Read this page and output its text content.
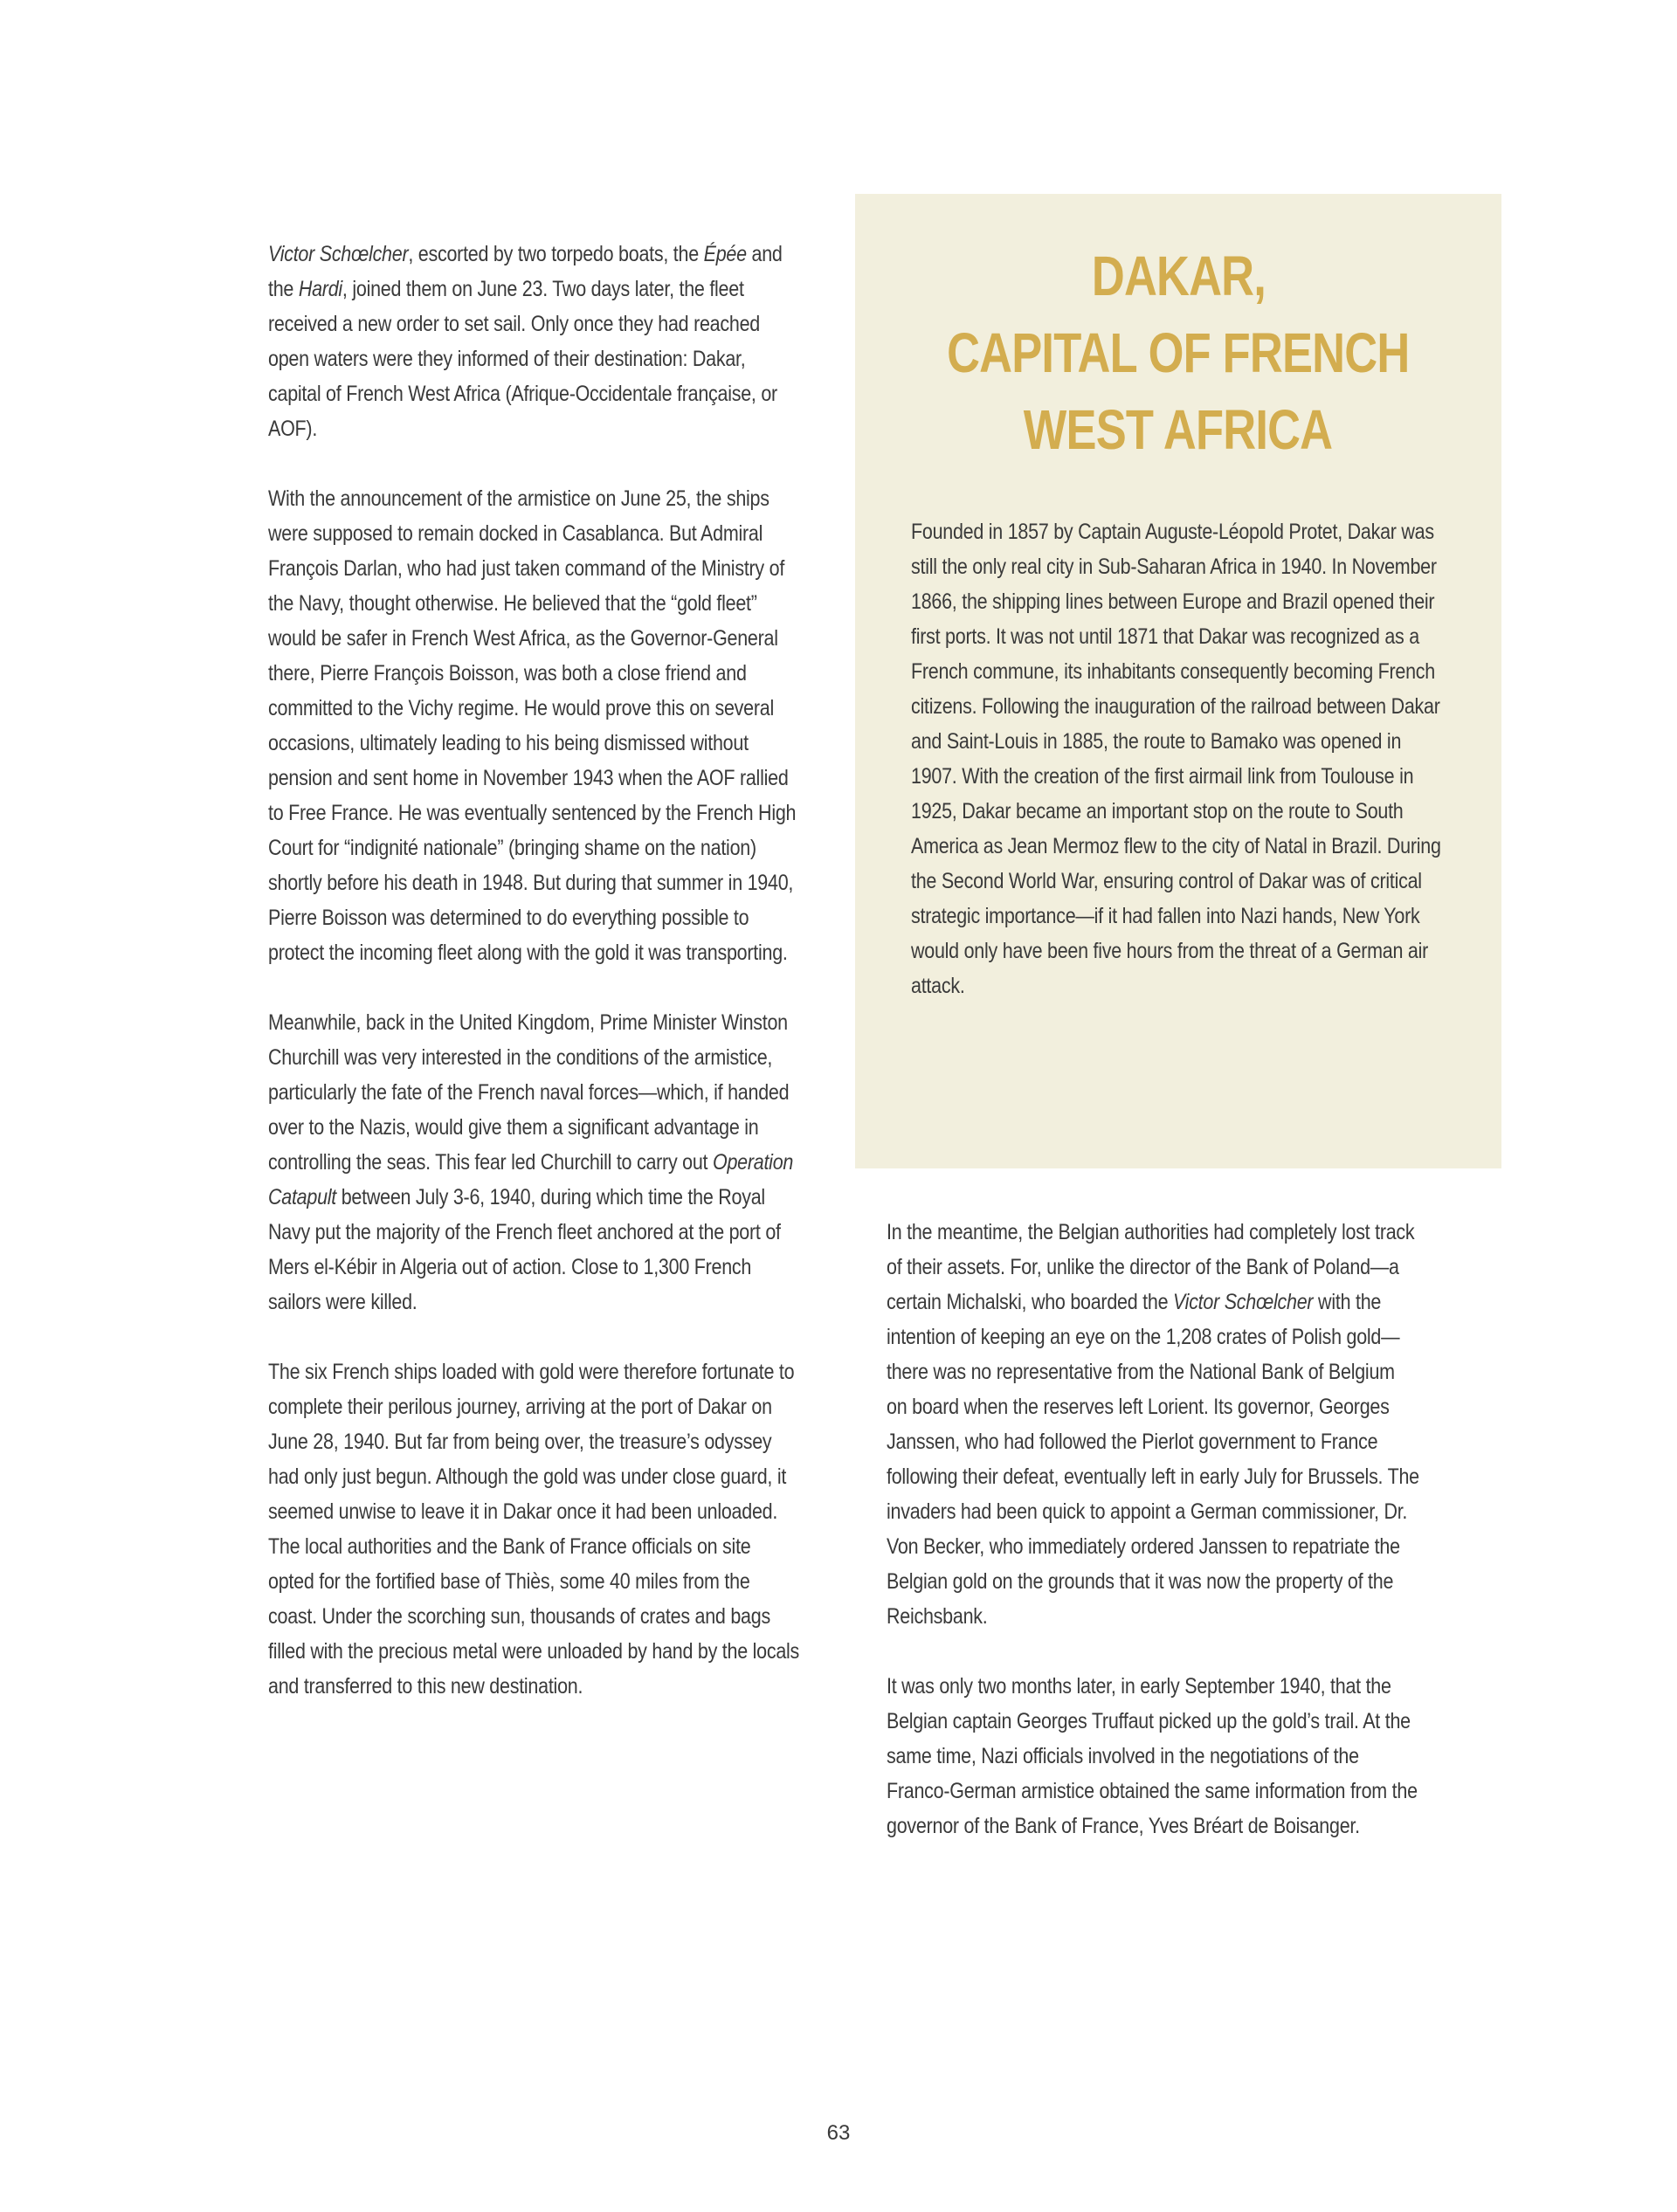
Victor Schœlcher, escorted by two torpedo boats, the Épée and the Hardi, joined them on June 23. Two days later, the fleet received a new order to set sail. Only once they had reached open waters were they informed of their destination: Dakar, capital of French West Africa (Afrique-Occidentale française, or AOF).

With the announcement of the armistice on June 25, the ships were supposed to remain docked in Casablanca. But Admiral François Darlan, who had just taken command of the Ministry of the Navy, thought otherwise. He believed that the “gold fleet” would be safer in French West Africa, as the Governor-General there, Pierre François Boisson, was both a close friend and committed to the Vichy regime. He would prove this on several occasions, ultimately leading to his being dismissed without pension and sent home in November 1943 when the AOF rallied to Free France. He was eventually sentenced by the French High Court for “indignité nationale” (bringing shame on the nation) shortly before his death in 1948. But during that summer in 1940, Pierre Boisson was determined to do everything possible to protect the incoming fleet along with the gold it was transporting.

Meanwhile, back in the United Kingdom, Prime Minister Winston Churchill was very interested in the conditions of the armistice, particularly the fate of the French naval forces—which, if handed over to the Nazis, would give them a significant advantage in controlling the seas. This fear led Churchill to carry out Operation Catapult between July 3-6, 1940, during which time the Royal Navy put the majority of the French fleet anchored at the port of Mers el-Kébir in Algeria out of action. Close to 1,300 French sailors were killed.

The six French ships loaded with gold were therefore fortunate to complete their perilous journey, arriving at the port of Dakar on June 28, 1940. But far from being over, the treasure’s odyssey had only just begun. Although the gold was under close guard, it seemed unwise to leave it in Dakar once it had been unloaded. The local authorities and the Bank of France officials on site opted for the fortified base of Thiès, some 40 miles from the coast. Under the scorching sun, thousands of crates and bags filled with the precious metal were unloaded by hand by the locals and transferred to this new destination.

DAKAR,
CAPITAL OF FRENCH
WEST AFRICA

Founded in 1857 by Captain Auguste-Léopold Protet, Dakar was still the only real city in Sub-Saharan Africa in 1940. In November 1866, the shipping lines between Europe and Brazil opened their first ports. It was not until 1871 that Dakar was recognized as a French commune, its inhabitants consequently becoming French citizens. Following the inauguration of the railroad between Dakar and Saint-Louis in 1885, the route to Bamako was opened in 1907. With the creation of the first airmail link from Toulouse in 1925, Dakar became an important stop on the route to South America as Jean Mermoz flew to the city of Natal in Brazil. During the Second World War, ensuring control of Dakar was of critical strategic importance—if it had fallen into Nazi hands, New York would only have been five hours from the threat of a German air attack.

In the meantime, the Belgian authorities had completely lost track of their assets. For, unlike the director of the Bank of Poland—a certain Michalski, who boarded the Victor Schœlcher with the intention of keeping an eye on the 1,208 crates of Polish gold—there was no representative from the National Bank of Belgium on board when the reserves left Lorient. Its governor, Georges Janssen, who had followed the Pierlot government to France following their defeat, eventually left in early July for Brussels. The invaders had been quick to appoint a German commissioner, Dr. Von Becker, who immediately ordered Janssen to repatriate the Belgian gold on the grounds that it was now the property of the Reichsbank.

It was only two months later, in early September 1940, that the Belgian captain Georges Truffaut picked up the gold’s trail. At the same time, Nazi officials involved in the negotiations of the Franco-German armistice obtained the same information from the governor of the Bank of France, Yves Bréart de Boisanger.

63
